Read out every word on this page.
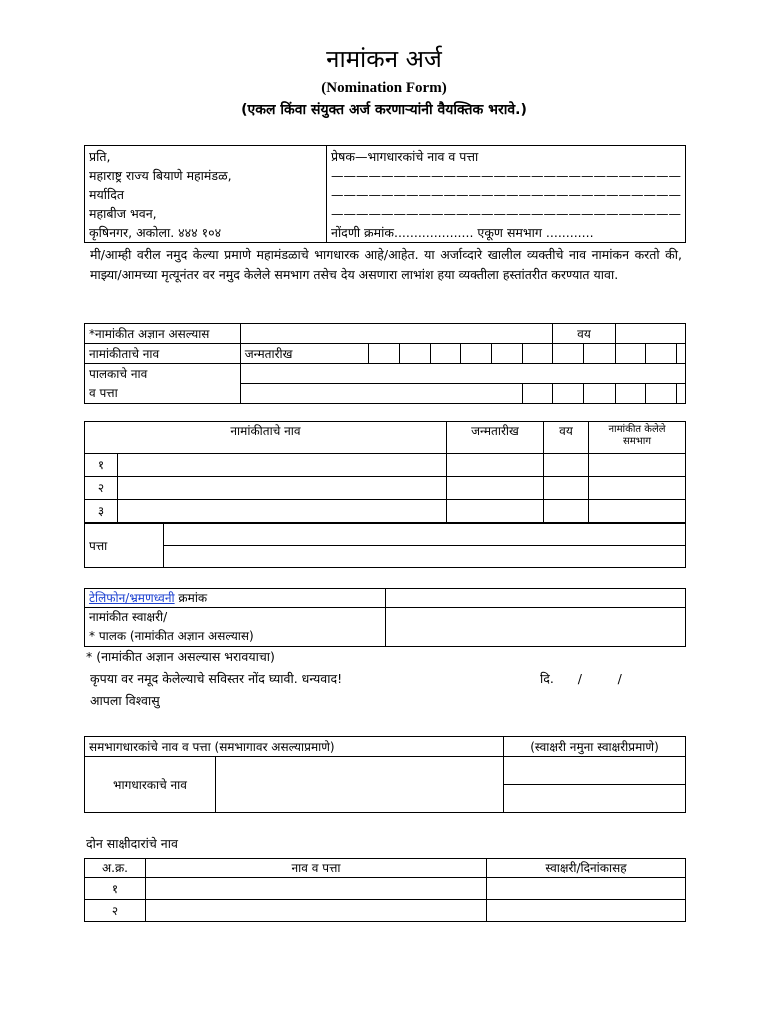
नामांकन अर्ज
(Nomination Form)
(एकल किंवा संयुक्त अर्ज करणाऱ्यांनी वैयक्तिक भरावे.)
प्रति,
महाराष्ट्र राज्य बियाणे महामंडळ,
मर्यादित
महाबीज भवन,
कृषिनगर, अकोला. ४४४ १०४

प्रेषक—भागधारकांचे नाव व पत्ता
————————————————————————————
————————————————————————————
————————————————————————————
नोंदणी क्रमांक.................... एकूण समभाग ............
मी/आम्ही वरील नमुद केल्या प्रमाणे महामंडळाचे भागधारक आहे/आहेत. या अर्जाव्दारे खालील व्यक्तीचे नाव नामांकन करतो की, माझ्या/आमच्या मृत्यूनंतर वर नमुद केलेले समभाग तसेच देय असणारा लाभांश हया व्यक्तीला हस्तांतरीत करण्यात यावा.
*नामांकीत अज्ञान असल्यास								वय				
नामांकीताचे नाव	जन्मतारीख											

पालकाचे नाव
व पत्ता												

नामांकीताचे नाव		जन्मतारीख	वय	नामांकीत केलेले समभाग
१				
२				
३				
पत्ता	

टेलिफोन/भ्रमणध्वनी क्रमांक	

नामांकीत स्वाक्षरी/
* पालक (नामांकीत अज्ञान असल्यास)	

* (नामांकीत अज्ञान असल्यास भरावयाचा)
कृपया वर नमूद केलेल्याचे सविस्तर नोंद घ्यावी. धन्यवाद!	दि.      /         /
आपला विश्वासु
समभागधारकांचे नाव व पत्ता (समभागावर असल्याप्रमाणे)		(स्वाक्षरी नमुना स्वाक्षरीप्रमाणे)
भागधारकाचे नाव		

दोन साक्षीदारांचे नाव
अ.क्र.	नाव व पत्ता	स्वाक्षरी/दिनांकासह
१		
२		
